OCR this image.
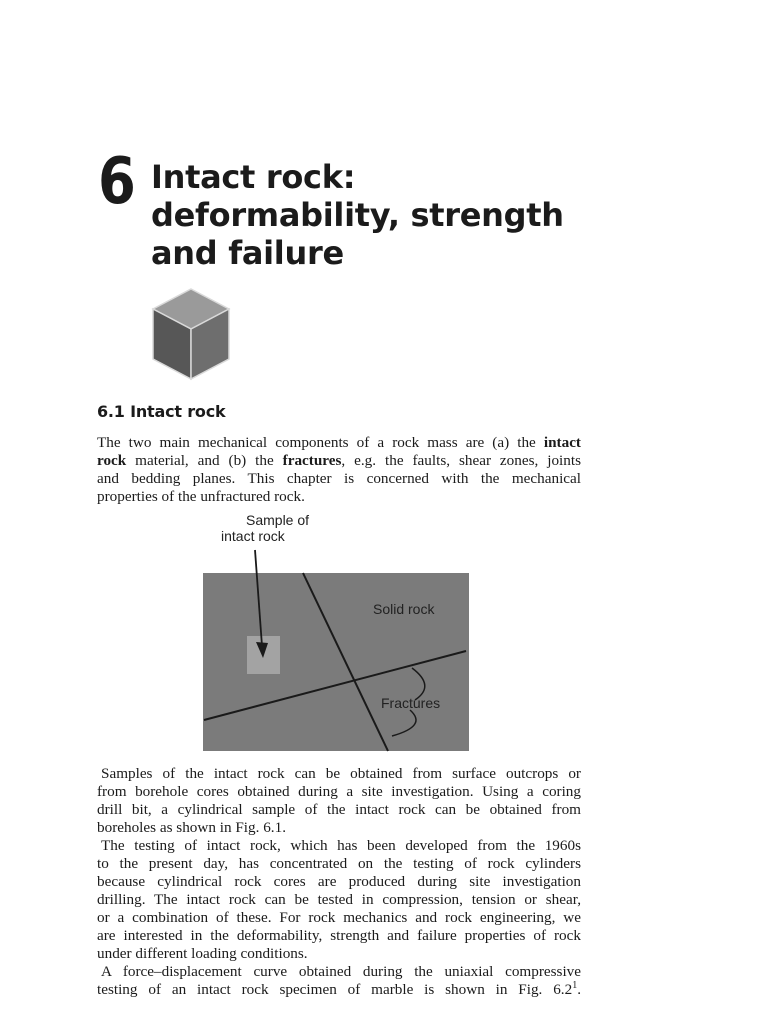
6 Intact rock:
deformability, strength
and failure
6.1 Intact rock
The two main mechanical components of a rock mass are (a) the intact
rock material, and (b) the fractures, e.g. the faults, shear zones, joints
and bedding planes. This chapter is concerned with the mechanical
properties of the unfractured rock.
Sample of
intact rock
Solid rock
Fractures
Samples of the intact rock can be obtained from surface outcrops or
from borehole cores obtained during a site investigation. Using a coring
drill bit, a cylindrical sample of the intact rock can be obtained from
boreholes as shown in Fig. 6.1.
The testing of intact rock, which has been developed from the 1960s
to the present day, has concentrated on the testing of rock cylinders
because cylindrical rock cores are produced during site investigation
drilling. The intact rock can be tested in compression, tension or shear,
or a combination of these. For rock mechanics and rock engineering, we
are interested in the deformability, strength and failure properties of rock
under different loading conditions.
A force–displacement curve obtained during the uniaxial compressive
testing of an intact rock specimen of marble is shown in Fig. $6.2^1$.
